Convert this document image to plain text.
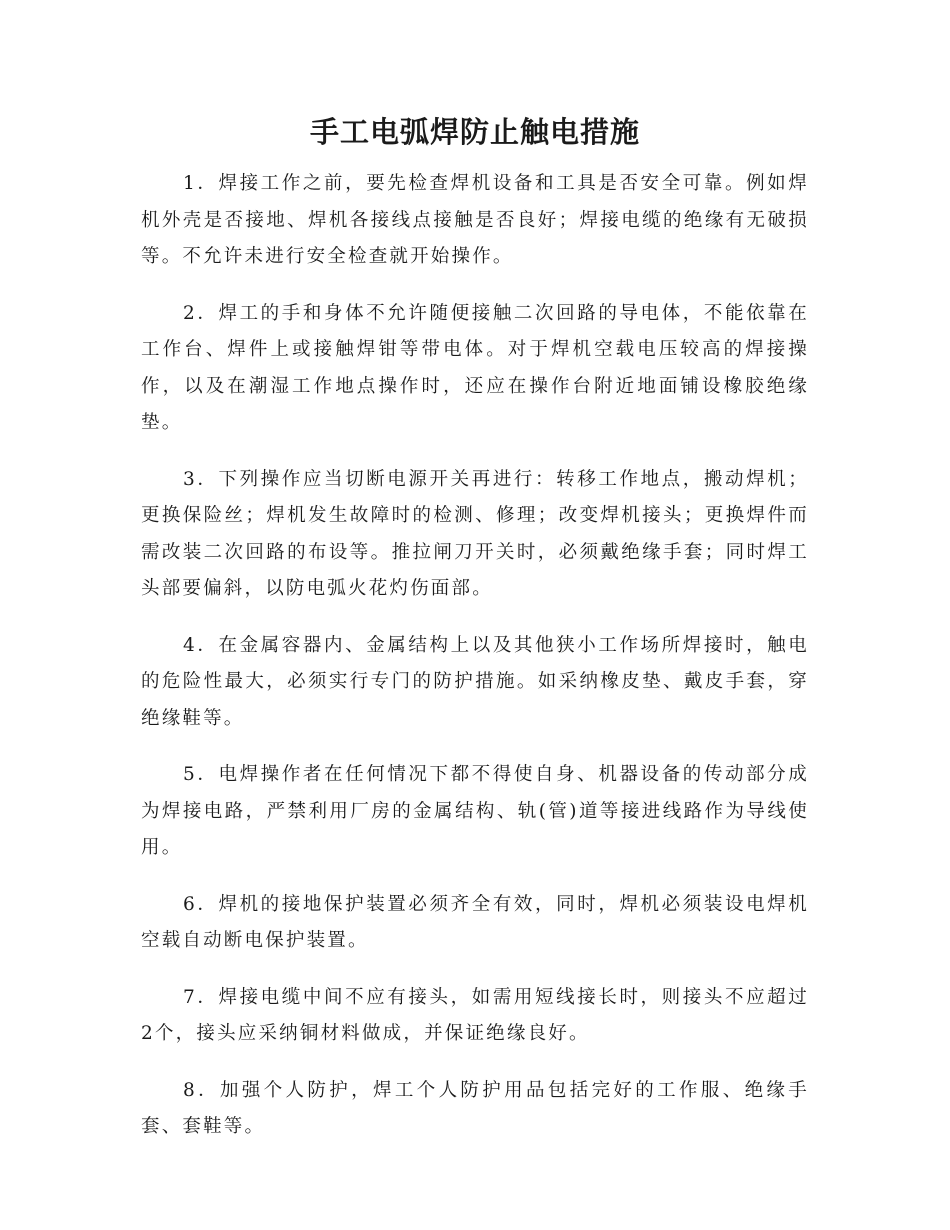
手工电弧焊防止触电措施

1．焊接工作之前，要先检查焊机设备和工具是否安全可靠。例如焊机外壳是否接地、焊机各接线点接触是否良好；焊接电缆的绝缘有无破损等。不允许未进行安全检查就开始操作。

2．焊工的手和身体不允许随便接触二次回路的导电体，不能依靠在工作台、焊件上或接触焊钳等带电体。对于焊机空载电压较高的焊接操作，以及在潮湿工作地点操作时，还应在操作台附近地面铺设橡胶绝缘垫。

3．下列操作应当切断电源开关再进行：转移工作地点，搬动焊机；更换保险丝；焊机发生故障时的检测、修理；改变焊机接头；更换焊件而需改装二次回路的布设等。推拉闸刀开关时，必须戴绝缘手套；同时焊工头部要偏斜，以防电弧火花灼伤面部。

4．在金属容器内、金属结构上以及其他狭小工作场所焊接时，触电的危险性最大，必须实行专门的防护措施。如采纳橡皮垫、戴皮手套，穿绝缘鞋等。

5．电焊操作者在任何情况下都不得使自身、机器设备的传动部分成为焊接电路，严禁利用厂房的金属结构、轨(管)道等接进线路作为导线使用。

6．焊机的接地保护装置必须齐全有效，同时，焊机必须装设电焊机空载自动断电保护装置。

7．焊接电缆中间不应有接头，如需用短线接长时，则接头不应超过2个，接头应采纳铜材料做成，并保证绝缘良好。

8．加强个人防护，焊工个人防护用品包括完好的工作服、绝缘手套、套鞋等。
